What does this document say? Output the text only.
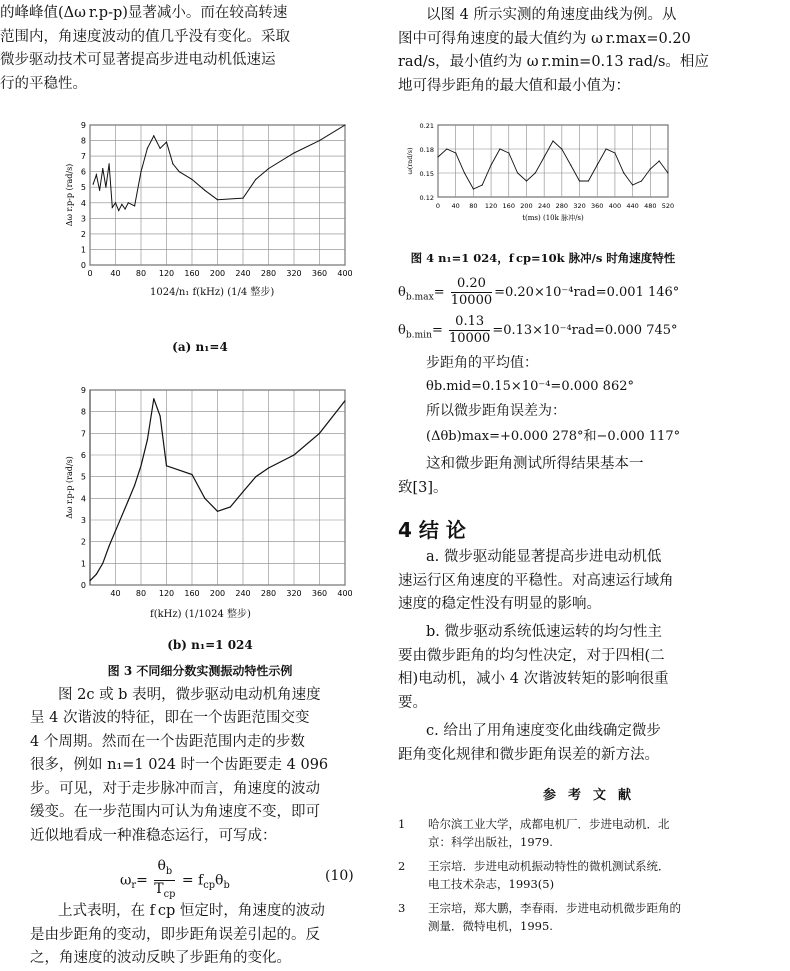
的峰峰值(Δω r.p-p)显著减小。而在较高转速

范围内，角速度波动的值几乎没有变化。采取

微步驱动技术可显著提高步进电动机低速运

行的平稳性。

0 40 80 120 160 200 240 280 320 360 400
0
1
2
3
4
5
6
7
8
9
Δω r.p-p (rad/s)
1024/n₁ f(kHz) (1/4 整步)
(a) n₁=4
40 80 120 160 200 240 280 320 360 400
0
1
2
3
4
5
6
7
8
9
Δω r.p-p (rad/s)
f(kHz) (1/1024 整步)
(b) n₁=1 024
图 3 不同细分数实测振动特性示例

图 2c 或 b 表明，微步驱动电动机角速度

呈 4 次谐波的特征，即在一个齿距范围交变

4 个周期。然而在一个齿距范围内走的步数

很多，例如 n₁=1 024 时一个齿距要走 4 096

步。可见，对于走步脉冲而言，角速度的波动

缓变。在一步范围内可认为角速度不变，即可

近似地看成一种准稳态运行，可写成：

$\omega_r= \frac{\theta_b}{T_{cp}} = f_{cp}\theta_b$
(10)

上式表明，在 f cp 恒定时，角速度的波动

是由步距角的变动，即步距角误差引起的。反

之，角速度的波动反映了步距角的变化。

以图 4 所示实测的角速度曲线为例。从

图中可得角速度的最大值约为 ω r.max=0.20

rad/s，最小值约为 ω r.min=0.13 rad/s。相应

地可得步距角的最大值和最小值为：

0 40 80 120 160 200 240 280 320 360 400 440 480 520
0.21
0.18
0.15
0.12
ω(rad/s)
t(ms) (10k 脉冲/s)
图 4 n₁=1 024，f cp=10k 脉冲/s 时角速度特性
$\theta_{b.max}= \frac{0.20}{10000} =0.20\times 10^{-4}rad=0.001$ 146°
$\theta_{b.min}= \frac{0.13}{10000} =0.13\times 10^{-4}rad=0.000$ 745°
步距角的平均值：
θb.mid=0.15×10⁻⁴=0.000 862°
所以微步距角误差为：
(Δθb)max=+0.000 278°和−0.000 117°

这和微步距角测试所得结果基本一

致[3]。

4 结 论

a. 微步驱动能显著提高步进电动机低

速运行区角速度的平稳性。对高速运行域角

速度的稳定性没有明显的影响。

b. 微步驱动系统低速运转的均匀性主

要由微步距角的均匀性决定，对于四相(二

相)电动机，减小 4 次谐波转矩的影响很重

要。

c. 给出了用角速度变化曲线确定微步

距角变化规律和微步距角误差的新方法。

参考文献
1 哈尔滨工业大学，成都电机厂．步进电动机．北
京：科学出版社，1979.
2 王宗培．步进电动机振动特性的微机测试系统．
电工技术杂志，1993(5)
3 王宗培，郑大鹏，李春雨．步进电动机微步距角的
测量．微特电机，1995.
